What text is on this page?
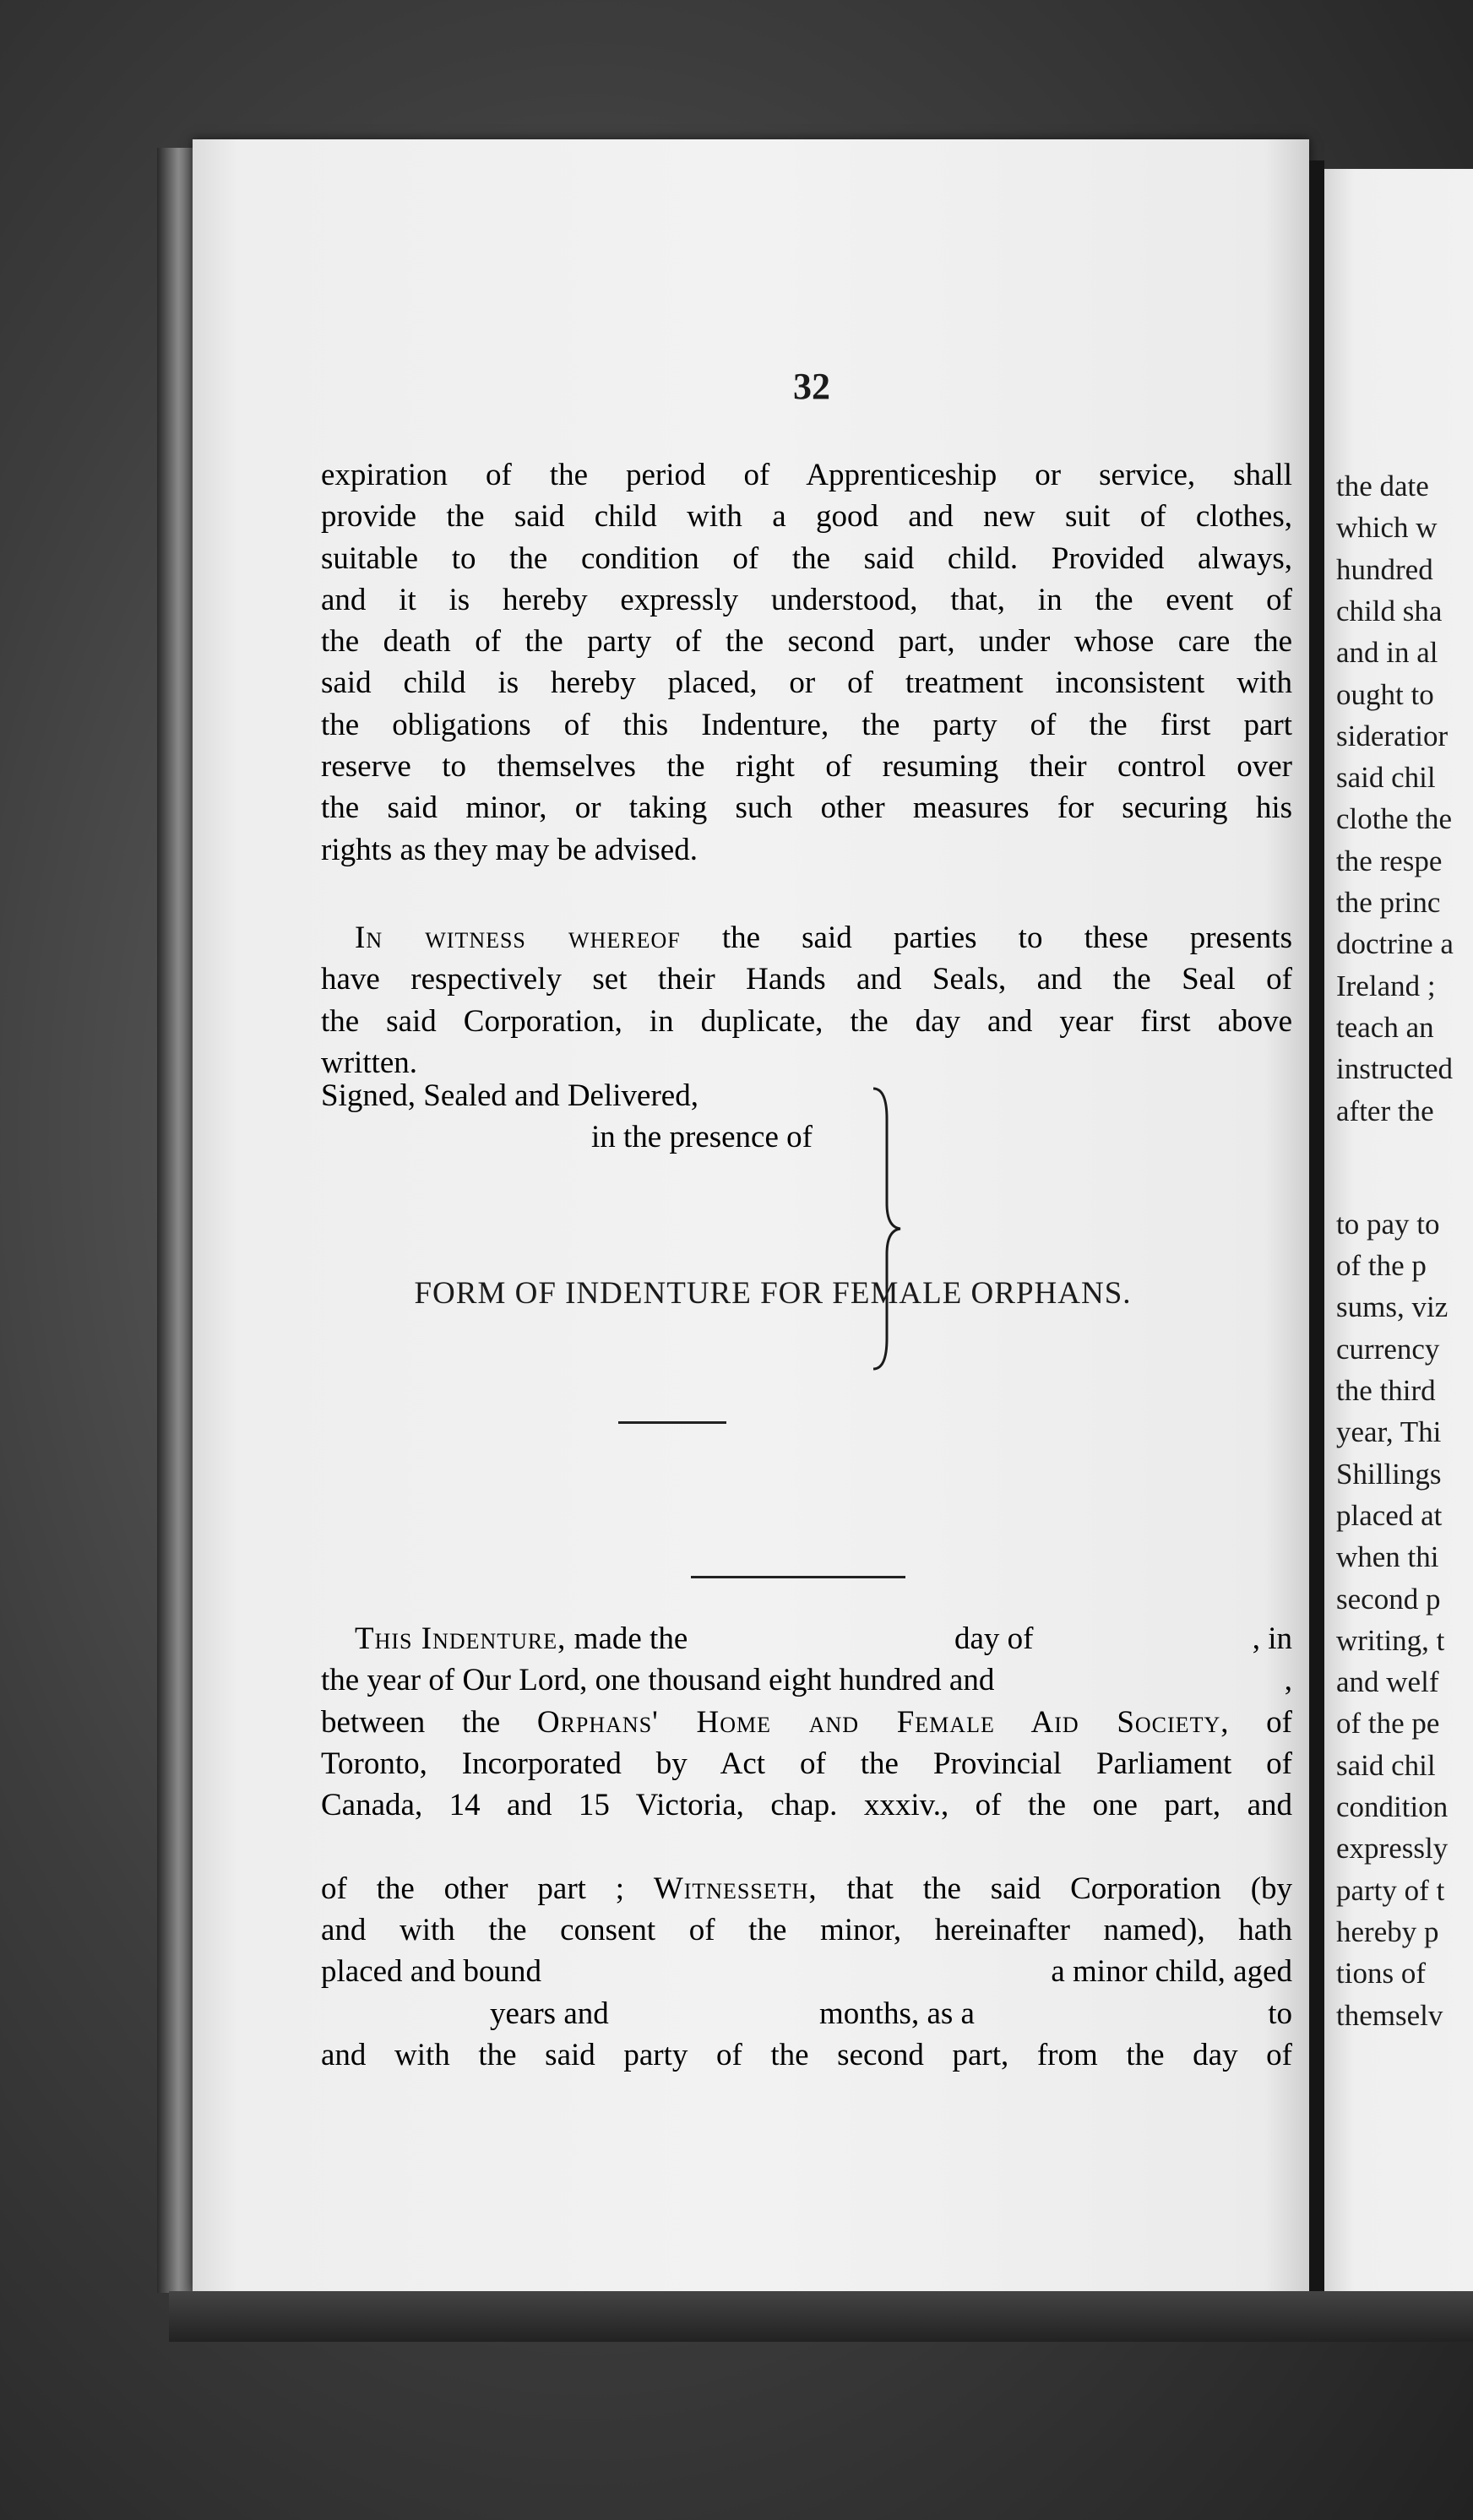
32
expiration of the period of Apprenticeship or service, shall
provide the said child with a good and new suit of clothes,
suitable to the condition of the said child. Provided always,
and it is hereby expressly understood, that, in the event of
the death of the party of the second part, under whose care the
said child is hereby placed, or of treatment inconsistent with
the obligations of this Indenture, the party of the first part
reserve to themselves the right of resuming their control over
the said minor, or taking such other measures for securing his
rights as they may be advised.
In witness whereof the said parties to these presents
have respectively set their Hands and Seals, and the Seal of
the said Corporation, in duplicate, the day and year first above
written.
Signed, Sealed and Delivered,
in the presence of
FORM OF INDENTURE FOR FEMALE ORPHANS.
This Indenture, made the	day of	, in
the year of Our Lord, one thousand eight hundred and	,
between the Orphans' Home and Female Aid Society, of
Toronto, Incorporated by Act of the Provincial Parliament of
Canada, 14 and 15 Victoria, chap. xxxiv., of the one part, and
of the other part ; Witnesseth, that the said Corporation (by
and with the consent of the minor, hereinafter named), hath
placed and bound	a minor child, aged
years and	months, as a	to
and with the said party of the second part, from the day of
the date
which w
hundred
child sha
and in al
ought to
sideratior
said chil
clothe the
the respe
the princ
doctrine a
Ireland ;
teach an
instructed
after the
to pay to
of the p
sums, viz
currency
the third
year, Thi
Shillings
placed at
when thi
second p
writing, t
and welf
of the pe
said chil
condition
expressly
party of t
hereby p
tions of
themselv
